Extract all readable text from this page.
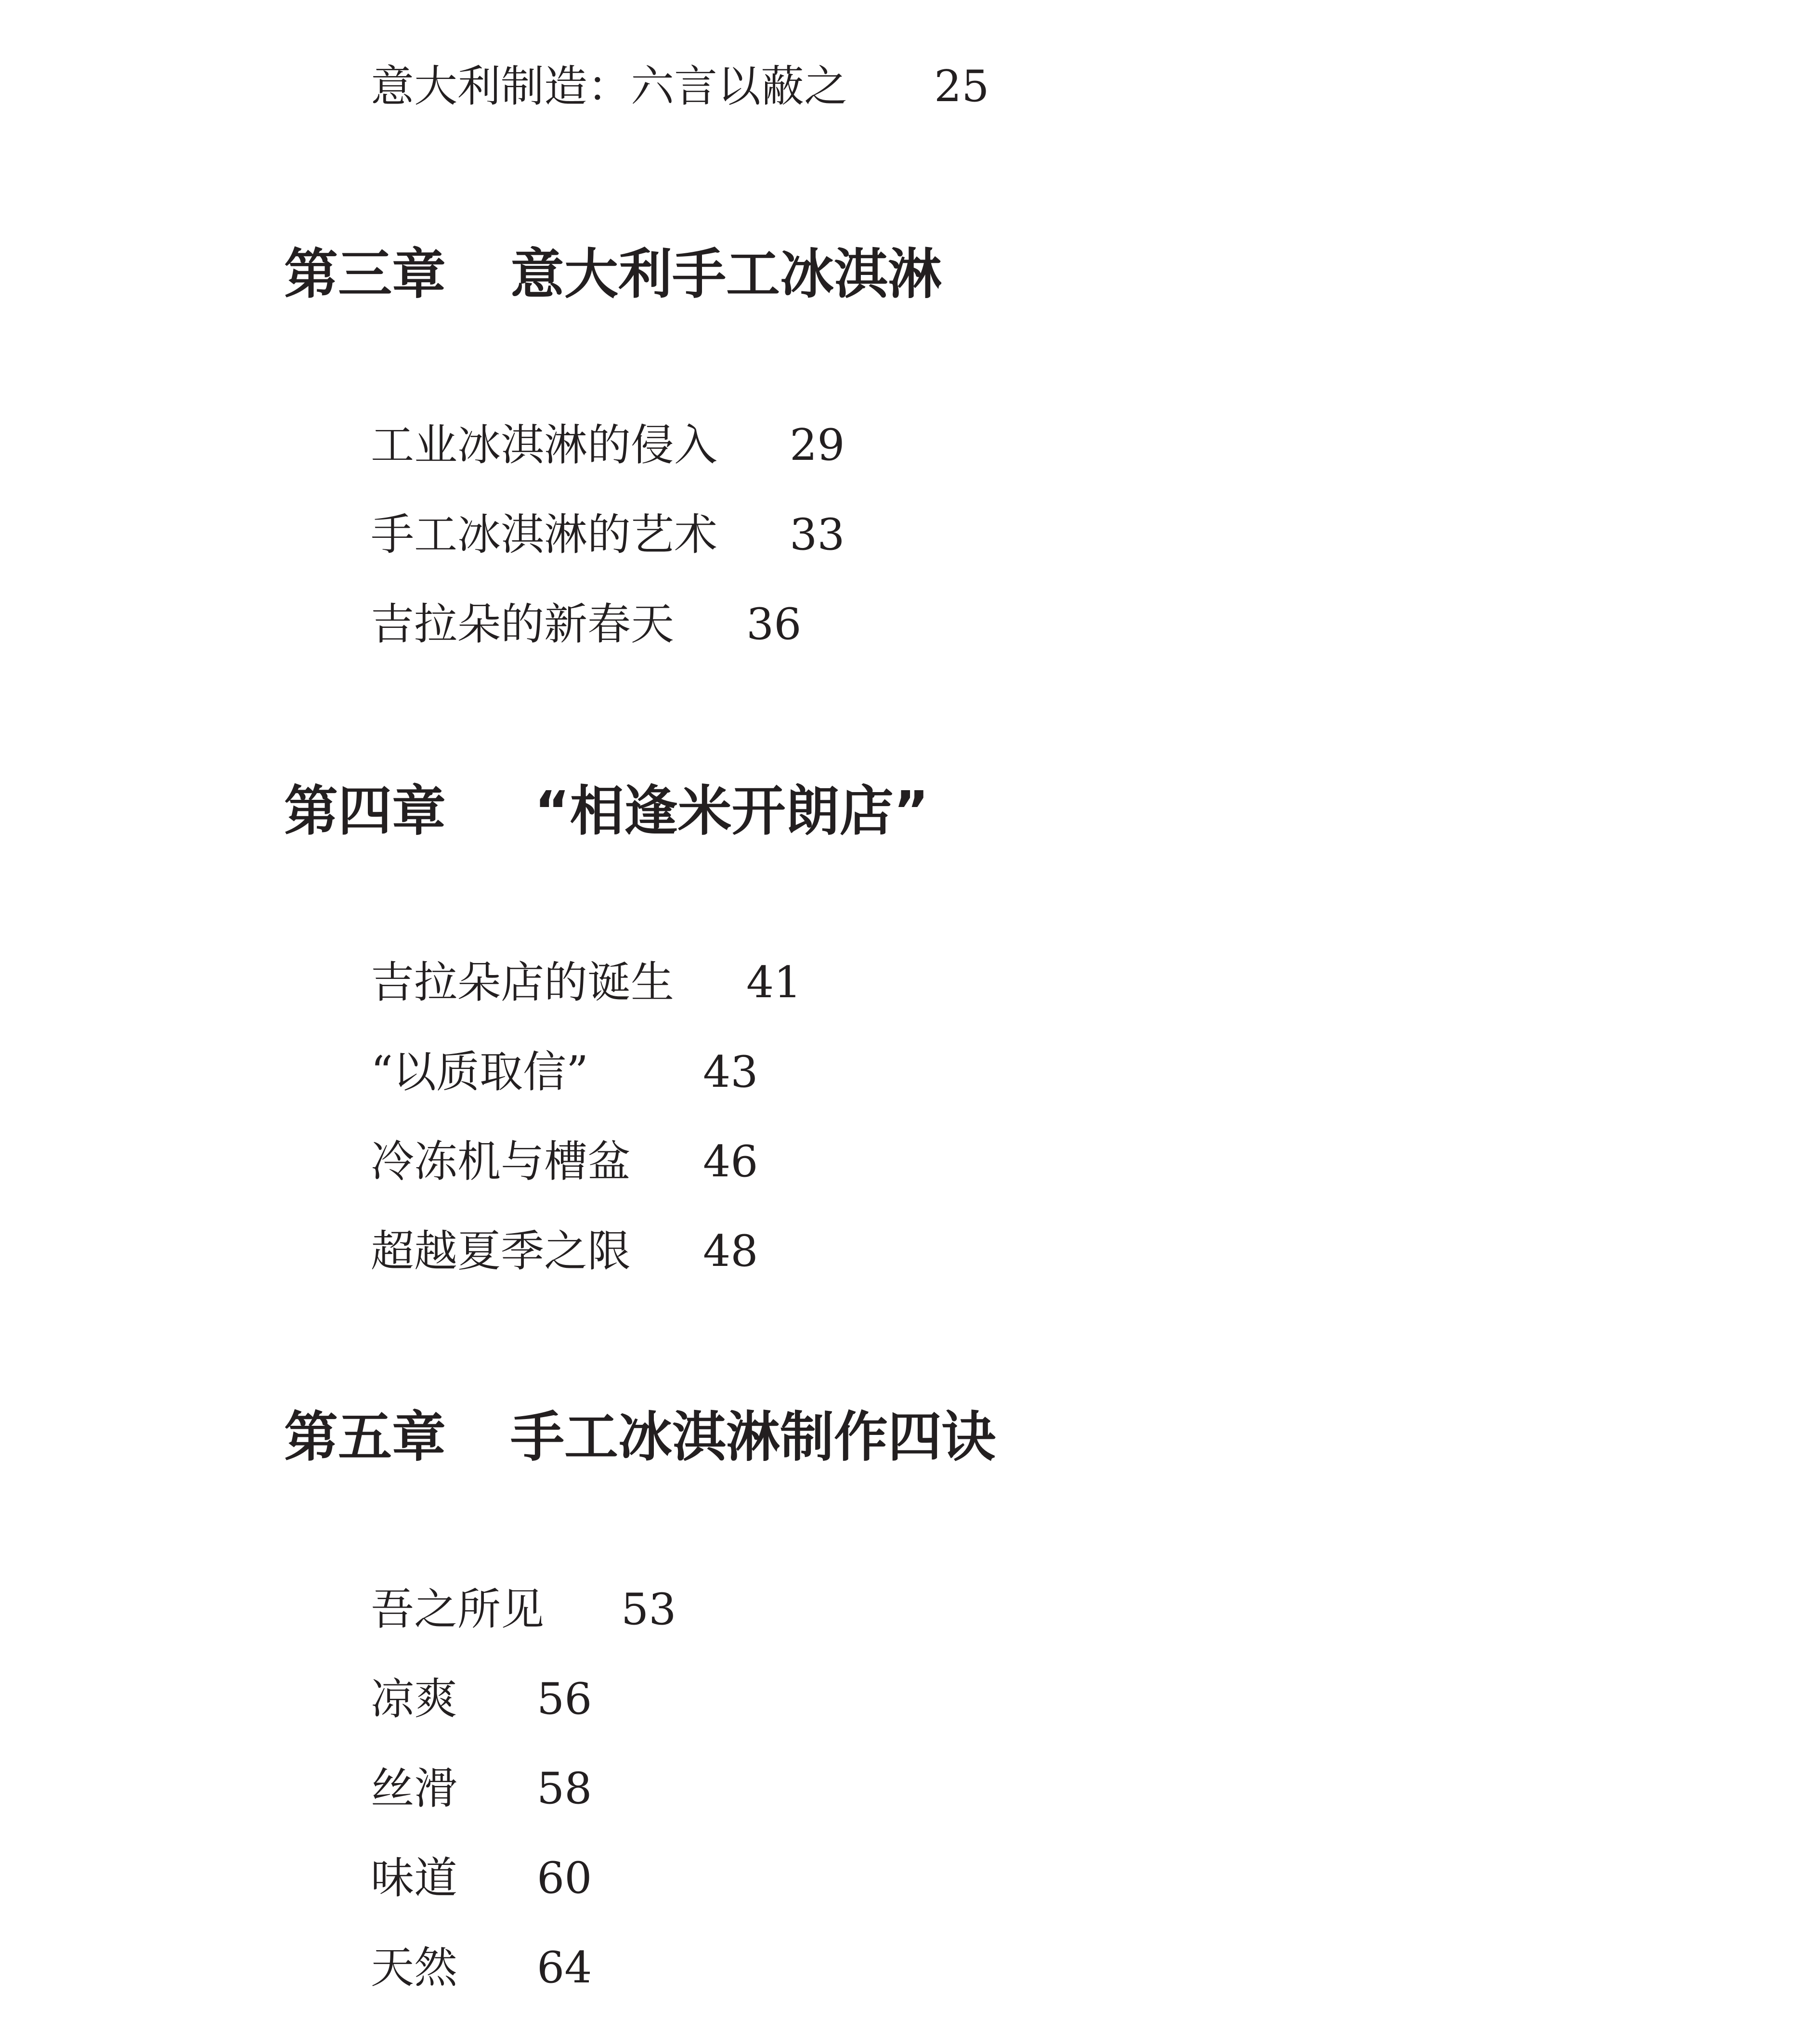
意大利制造：六言以蔽之 25
第三章 意大利手工冰淇淋
工业冰淇淋的侵入 29
手工冰淇淋的艺术 33
吉拉朵的新春天 36
第四章 “相逢米开朗店”
吉拉朵店的诞生 41
“以质取信”	43
冷冻机与槽盆 46
超越夏季之限 48
第五章 手工冰淇淋制作四诀
吾之所见 53
凉爽 56
丝滑 58
味道 60
天然 64
